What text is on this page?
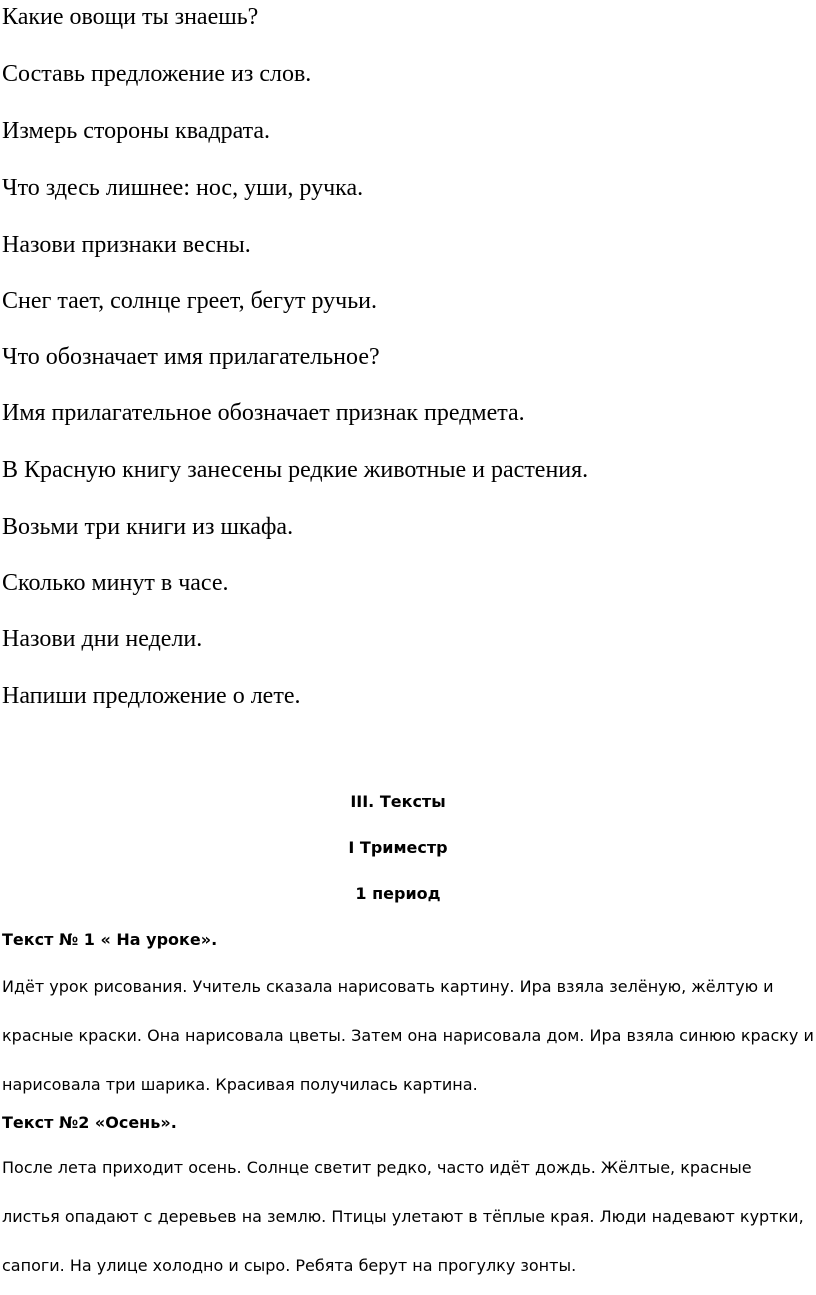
Какие овощи ты знаешь?
Составь предложение из слов.
Измерь стороны квадрата.
Что здесь лишнее: нос, уши, ручка.
Назови признаки весны.
Снег тает, солнце греет, бегут ручьи.
Что обозначает имя прилагательное?
Имя прилагательное обозначает признак предмета.
В Красную книгу занесены редкие животные и растения.
Возьми три книги из шкафа.
Сколько минут в часе.
Назови дни недели.
Напиши предложение о лете.
III. Тексты
I Триместр
1 период
Текст № 1 « На уроке».

Идёт урок рисования. Учитель сказала нарисовать картину. Ира взяла зелёную, жёлтую и красные краски. Она нарисовала цветы. Затем она нарисовала дом. Ира взяла синюю краску и нарисовала три шарика. Красивая получилась картина.

Текст №2 «Осень».

После лета приходит осень. Солнце светит редко, часто идёт дождь. Жёлтые, красные листья опадают с деревьев на землю. Птицы улетают в тёплые края. Люди надевают куртки, сапоги. На улице холодно и сыро. Ребята берут на прогулку зонты.
